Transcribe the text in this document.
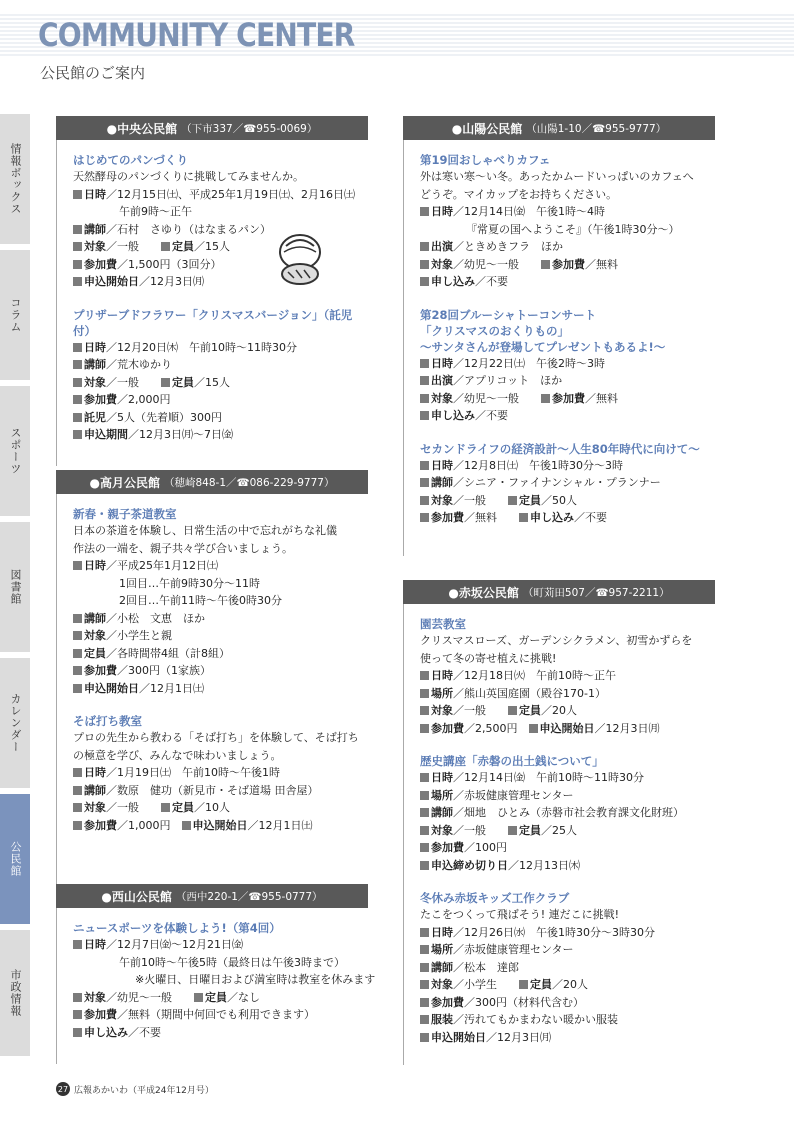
COMMUNITY CENTER
公民館のご案内
情報ボックス
コラム
スポーツ
図書館
カレンダー
公民館
市政情報
●中央公民館 （下市337／☎955-0069）
はじめてのパンづくり
天然酵母のパンづくりに挑戦してみませんか。
日時／12月15日㈯、平成25年1月19日㈯、2月16日㈯
午前9時〜正午
講師／石村　さゆり（はなまるパン）
対象／一般　　	定員／15人
参加費／1,500円（3回分）
申込開始日／12月3日㈪
プリザーブドフラワー「クリスマスバージョン」（託児付）
日時／12月20日㈭　午前10時〜11時30分
講師／荒木ゆかり
対象／一般　　	定員／15人
参加費／2,000円
託児／5人（先着順）300円
申込期間／12月3日㈪〜7日㈮
●高月公民館 （穂崎848-1／☎086-229-9777）
新春・親子茶道教室
日本の茶道を体験し、日常生活の中で忘れがちな礼儀
作法の一端を、親子共々学び合いましょう。
日時／平成25年1月12日㈯
1回目…午前9時30分〜11時
2回目…午前11時〜午後0時30分
講師／小松　文恵　ほか
対象／小学生と親
定員／各時間帯4組（計8組）
参加費／300円（1家族）
申込開始日／12月1日㈯
そば打ち教室
プロの先生から教わる「そば打ち」を体験して、そば打ち
の極意を学び、みんなで味わいましょう。
日時／1月19日㈯　午前10時〜午後1時
講師／数原　健功（新見市・そば道場 田舎屋）
対象／一般　　	定員／10人
参加費／1,000円　 申込開始日／12月1日㈯
●西山公民館 （西中220-1／☎955-0777）
ニュースポーツを体験しよう!（第4回）
日時／12月7日㈮〜12月21日㈮
午前10時〜午後5時（最終日は午後3時まで）
※火曜日、日曜日および満室時は教室を休みます
対象／幼児〜一般　　	定員／なし
参加費／無料（期間中何回でも利用できます）
申し込み／不要
●山陽公民館 （山陽1-10／☎955-9777）
第19回おしゃべりカフェ
外は寒い寒〜い冬。あったかムードいっぱいのカフェへ
どうぞ。マイカップをお持ちください。
日時／12月14日㈮　午後1時〜4時
『常夏の国へようこそ』（午後1時30分〜）
出演／ときめきフラ　ほか
対象／幼児〜一般　　	参加費／無料
申し込み／不要
第28回ブルーシャトーコンサート
「クリスマスのおくりもの」
〜サンタさんが登場してプレゼントもあるよ!〜
日時／12月22日㈯　午後2時〜3時
出演／アプリコット　ほか
対象／幼児〜一般　　	参加費／無料
申し込み／不要
セカンドライフの経済設計〜人生80年時代に向けて〜
日時／12月8日㈯　午後1時30分〜3時
講師／シニア・ファイナンシャル・プランナー
対象／一般　　	定員／50人
参加費／無料　　	申し込み／不要
●赤坂公民館 （町苅田507／☎957-2211）
園芸教室
クリスマスローズ、ガーデンシクラメン、初雪かずらを
使って冬の寄せ植えに挑戦!
日時／12月18日㈫　午前10時〜正午
場所／熊山英国庭園（殿谷170-1）
対象／一般　　	定員／20人
参加費／2,500円　 申込開始日／12月3日㈪
歴史講座「赤磐の出土銭について」
日時／12月14日㈮　午前10時〜11時30分
場所／赤坂健康管理センター
講師／畑地　ひとみ（赤磐市社会教育課文化財班）
対象／一般　　	定員／25人
参加費／100円
申込締め切り日／12月13日㈭
冬休み赤坂キッズ工作クラブ
たこをつくって飛ばそう! 連だこに挑戦!
日時／12月26日㈬　午後1時30分〜3時30分
場所／赤坂健康管理センター
講師／松本　達郎
対象／小学生　　	定員／20人
参加費／300円（材料代含む）
服装／汚れてもかまわない暖かい服装
申込開始日／12月3日㈪
27 広報あかいわ（平成24年12月号）
